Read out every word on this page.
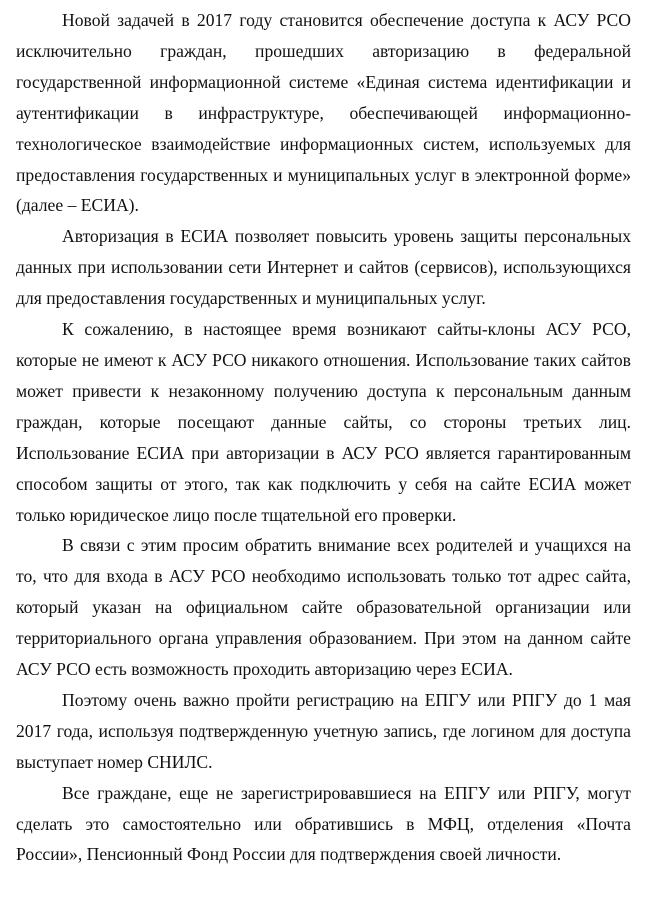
Новой задачей в 2017 году становится обеспечение доступа к АСУ РСО исключительно граждан, прошедших авторизацию в федеральной государственной информационной системе «Единая система идентификации и аутентификации в инфраструктуре, обеспечивающей информационно-технологическое взаимодействие информационных систем, используемых для предоставления государственных и муниципальных услуг в электронной форме» (далее – ЕСИА).

Авторизация в ЕСИА позволяет повысить уровень защиты персональных данных при использовании сети Интернет и сайтов (сервисов), использующихся для предоставления государственных и муниципальных услуг.

К сожалению, в настоящее время возникают сайты-клоны АСУ РСО, которые не имеют к АСУ РСО никакого отношения. Использование таких сайтов может привести к незаконному получению доступа к персональным данным граждан, которые посещают данные сайты, со стороны третьих лиц. Использование ЕСИА при авторизации в АСУ РСО является гарантированным способом защиты от этого, так как подключить у себя на сайте ЕСИА может только юридическое лицо после тщательной его проверки.

В связи с этим просим обратить внимание всех родителей и учащихся на то, что для входа в АСУ РСО необходимо использовать только тот адрес сайта, который указан на официальном сайте образовательной организации или территориального органа управления образованием. При этом на данном сайте АСУ РСО есть возможность проходить авторизацию через ЕСИА.

Поэтому очень важно пройти регистрацию на ЕПГУ или РПГУ до 1 мая 2017 года, используя подтвержденную учетную запись, где логином для доступа выступает номер СНИЛС.

Все граждане, еще не зарегистрировавшиеся на ЕПГУ или РПГУ, могут сделать это самостоятельно или обратившись в МФЦ, отделения «Почта России», Пенсионный Фонд России для подтверждения своей личности.
